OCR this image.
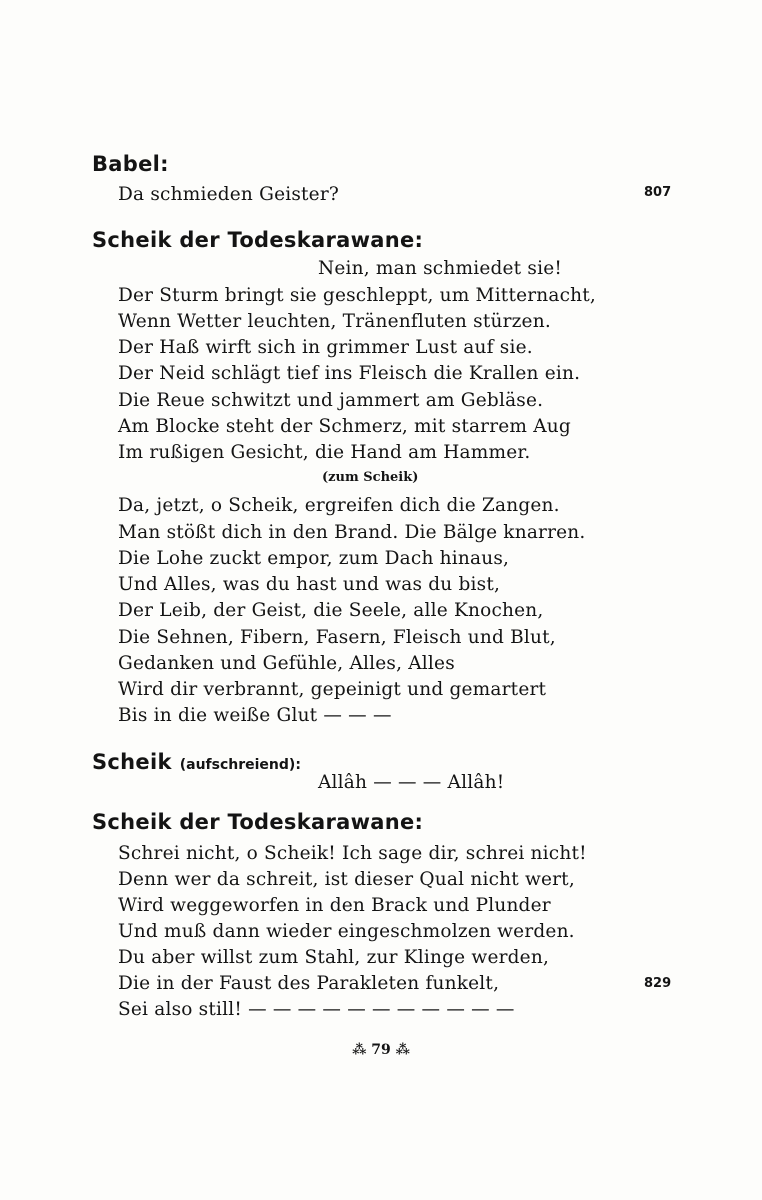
Babel:
Da schmieden Geister?	807
Scheik der Todeskarawane:
Nein, man schmiedet sie!
Der Sturm bringt sie geschleppt, um Mitternacht,
Wenn Wetter leuchten, Tränenfluten stürzen.
Der Haß wirft sich in grimmer Lust auf sie.
Der Neid schlägt tief ins Fleisch die Krallen ein.
Die Reue schwitzt und jammert am Gebläse.
Am Blocke steht der Schmerz, mit starrem Aug
Im rußigen Gesicht, die Hand am Hammer.
(zum Scheik)
Da, jetzt, o Scheik, ergreifen dich die Zangen.
Man stößt dich in den Brand. Die Bälge knarren.
Die Lohe zuckt empor, zum Dach hinaus,
Und Alles, was du hast und was du bist,
Der Leib, der Geist, die Seele, alle Knochen,
Die Sehnen, Fibern, Fasern, Fleisch und Blut,
Gedanken und Gefühle, Alles, Alles
Wird dir verbrannt, gepeinigt und gemartert
Bis in die weiße Glut — — —
Scheik (aufschreiend):
Allâh — — — Allâh!
Scheik der Todeskarawane:
Schrei nicht, o Scheik! Ich sage dir, schrei nicht!
Denn wer da schreit, ist dieser Qual nicht wert,
Wird weggeworfen in den Brack und Plunder
Und muß dann wieder eingeschmolzen werden.
Du aber willst zum Stahl, zur Klinge werden,
Die in der Faust des Parakleten funkelt,	829
Sei also still! — — — — — — — — — — —
⁂ 79 ⁂
